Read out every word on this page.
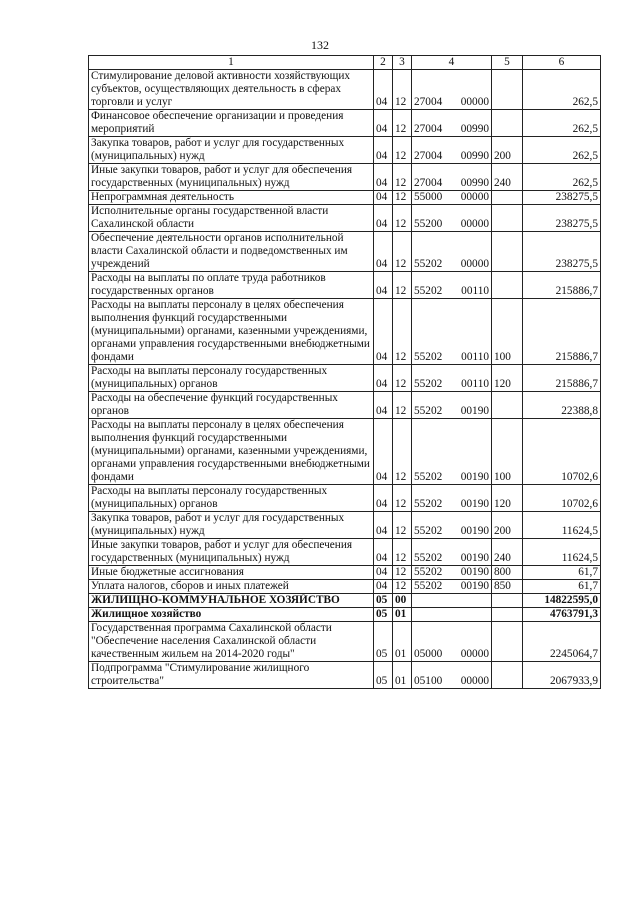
132
1	2	3	4	5	6
Стимулирование деловой активности хозяйствующих субъектов, осуществляющих деятельность в сферах торговли и услуг	04	12	27004 00000		262,5
Финансовое обеспечение организации и проведения мероприятий	04	12	27004 00990		262,5
Закупка товаров, работ и услуг для государственных (муниципальных) нужд	04	12	27004 00990	200	262,5
Иные закупки товаров, работ и услуг для обеспечения государственных (муниципальных) нужд	04	12	27004 00990	240	262,5
Непрограммная деятельность	04	12	55000 00000		238275,5
Исполнительные органы государственной власти Сахалинской области	04	12	55200 00000		238275,5
Обеспечение деятельности органов исполнительной власти Сахалинской области и подведомственных им учреждений	04	12	55202 00000		238275,5
Расходы на выплаты по оплате труда работников государственных органов	04	12	55202 00110		215886,7
Расходы на выплаты персоналу в целях обеспечения выполнения функций государственными (муниципальными) органами, казенными учреждениями, органами управления государственными внебюджетными фондами	04	12	55202 00110	100	215886,7
Расходы на выплаты персоналу государственных (муниципальных) органов	04	12	55202 00110	120	215886,7
Расходы на обеспечение функций государственных органов	04	12	55202 00190		22388,8
Расходы на выплаты персоналу в целях обеспечения выполнения функций государственными (муниципальными) органами, казенными учреждениями, органами управления государственными внебюджетными фондами	04	12	55202 00190	100	10702,6
Расходы на выплаты персоналу государственных (муниципальных) органов	04	12	55202 00190	120	10702,6
Закупка товаров, работ и услуг для государственных (муниципальных) нужд	04	12	55202 00190	200	11624,5
Иные закупки товаров, работ и услуг для обеспечения государственных (муниципальных) нужд	04	12	55202 00190	240	11624,5
Иные бюджетные ассигнования	04	12	55202 00190	800	61,7
Уплата налогов, сборов и иных платежей	04	12	55202 00190	850	61,7
ЖИЛИЩНО-КОММУНАЛЬНОЕ ХОЗЯЙСТВО	05	00			14822595,0
Жилищное хозяйство	05	01			4763791,3
Государственная программа Сахалинской области "Обеспечение населения Сахалинской области качественным жильем на 2014-2020 годы"	05	01	05000 00000		2245064,7
Подпрограмма "Стимулирование жилищного строительства"	05	01	05100 00000		2067933,9
